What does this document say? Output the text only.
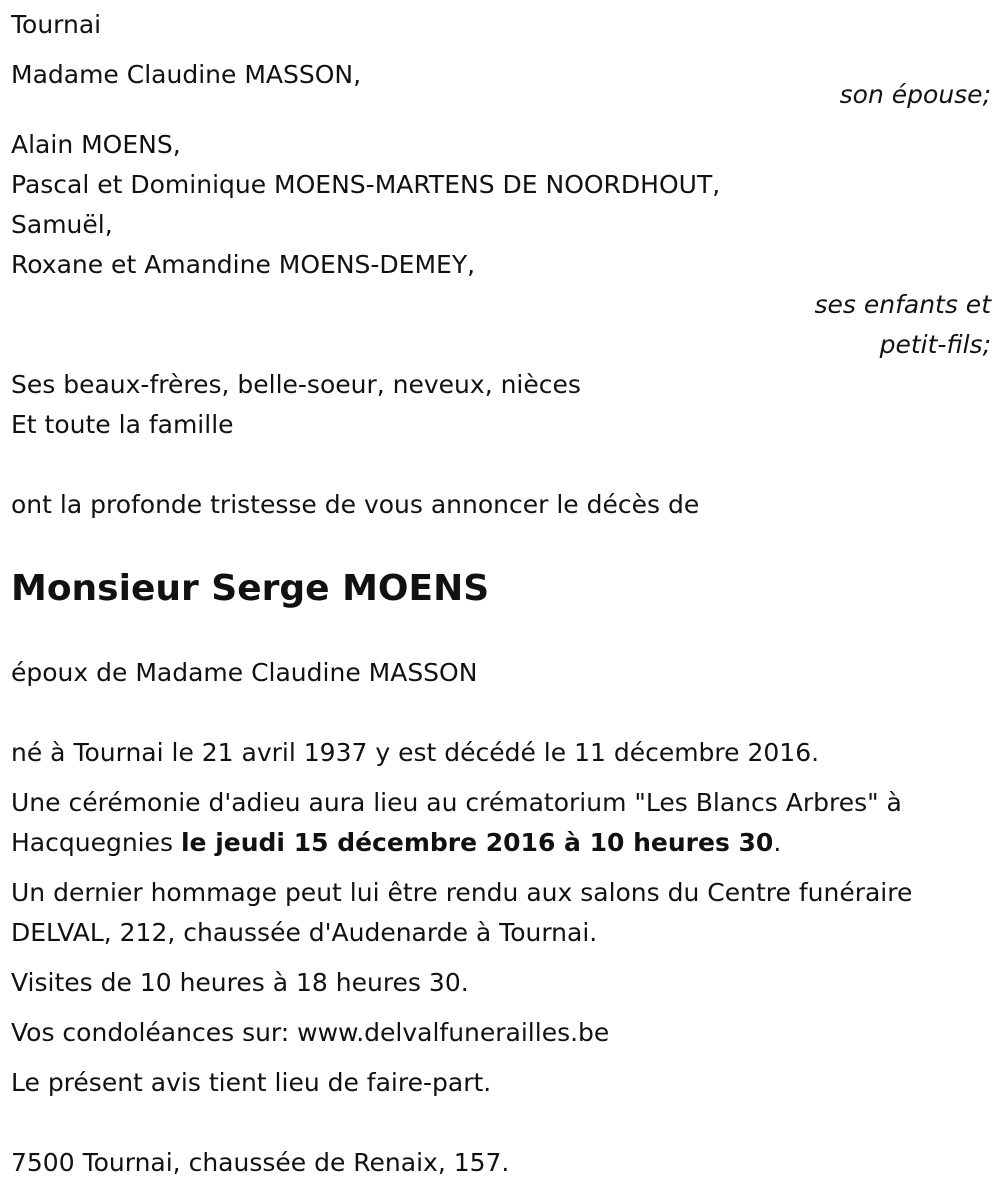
Tournai
Madame Claudine MASSON,
son épouse;
Alain MOENS,
Pascal et Dominique MOENS-MARTENS DE NOORDHOUT,
Samuël,
Roxane et Amandine MOENS-DEMEY,
ses enfants et
petit-fils;
Ses beaux-frères, belle-soeur, neveux, nièces
Et toute la famille
ont la profonde tristesse de vous annoncer le décès de
Monsieur Serge MOENS
époux de Madame Claudine MASSON
né à Tournai le 21 avril 1937 y est décédé le 11 décembre 2016.
Une cérémonie d'adieu aura lieu au crématorium "Les Blancs Arbres" à
Hacquegnies le jeudi 15 décembre 2016 à 10 heures 30.
Un dernier hommage peut lui être rendu aux salons du Centre funéraire
DELVAL, 212, chaussée d'Audenarde à Tournai.
Visites de 10 heures à 18 heures 30.
Vos condoléances sur: www.delvalfunerailles.be
Le présent avis tient lieu de faire-part.
7500 Tournai, chaussée de Renaix, 157.
